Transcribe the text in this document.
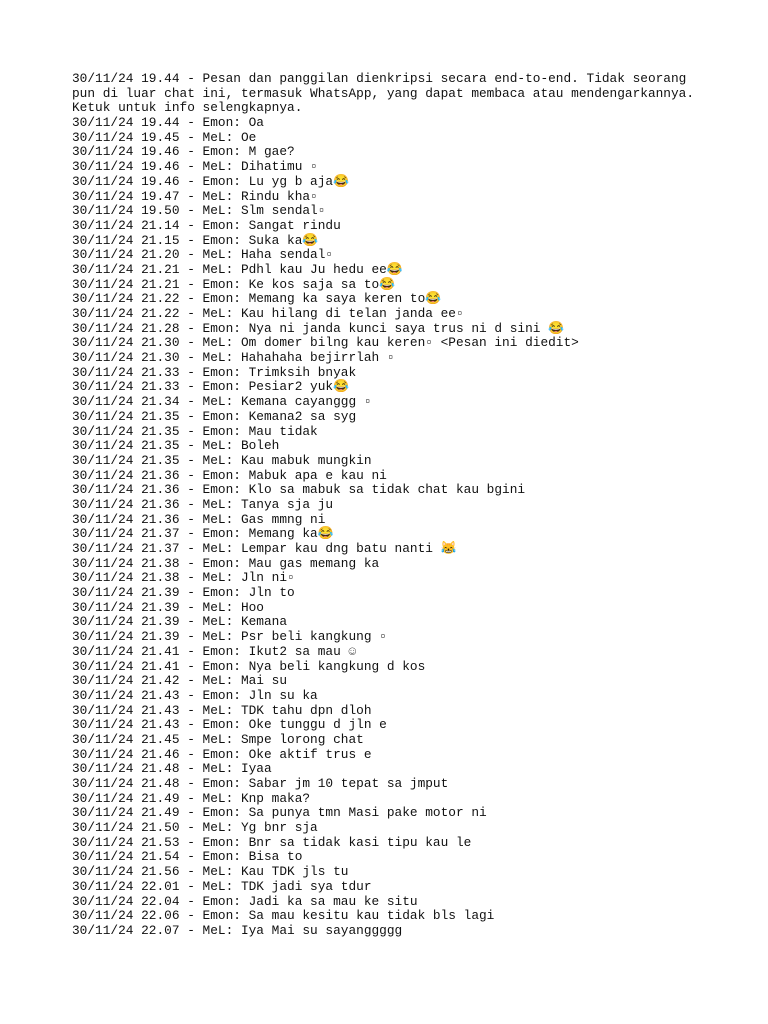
30/11/24 19.44 - Pesan dan panggilan dienkripsi secara end-to-end. Tidak seorang
pun di luar chat ini, termasuk WhatsApp, yang dapat membaca atau mendengarkannya.
Ketuk untuk info selengkapnya.
30/11/24 19.44 - Emon: Oa
30/11/24 19.45 - MeL: Oe
30/11/24 19.46 - Emon: M gae?
30/11/24 19.46 - MeL: Dihatimu ▫
30/11/24 19.46 - Emon: Lu yg b aja😂
30/11/24 19.47 - MeL: Rindu kha▫
30/11/24 19.50 - MeL: Slm sendal▫
30/11/24 21.14 - Emon: Sangat rindu
30/11/24 21.15 - Emon: Suka ka😂
30/11/24 21.20 - MeL: Haha sendal▫
30/11/24 21.21 - MeL: Pdhl kau Ju hedu ee😂
30/11/24 21.21 - Emon: Ke kos saja sa to😂
30/11/24 21.22 - Emon: Memang ka saya keren to😂
30/11/24 21.22 - MeL: Kau hilang di telan janda ee▫
30/11/24 21.28 - Emon: Nya ni janda kunci saya trus ni d sini 😂
30/11/24 21.30 - MeL: Om domer bilng kau keren▫ <Pesan ini diedit>
30/11/24 21.30 - MeL: Hahahaha bejirrlah ▫
30/11/24 21.33 - Emon: Trimksih bnyak
30/11/24 21.33 - Emon: Pesiar2 yuk😂
30/11/24 21.34 - MeL: Kemana cayanggg ▫
30/11/24 21.35 - Emon: Kemana2 sa syg
30/11/24 21.35 - Emon: Mau tidak
30/11/24 21.35 - MeL: Boleh
30/11/24 21.35 - MeL: Kau mabuk mungkin
30/11/24 21.36 - Emon: Mabuk apa e kau ni
30/11/24 21.36 - Emon: Klo sa mabuk sa tidak chat kau bgini
30/11/24 21.36 - MeL: Tanya sja ju
30/11/24 21.36 - MeL: Gas mmng ni
30/11/24 21.37 - Emon: Memang ka😂
30/11/24 21.37 - MeL: Lempar kau dng batu nanti 😹
30/11/24 21.38 - Emon: Mau gas memang ka
30/11/24 21.38 - MeL: Jln ni▫
30/11/24 21.39 - Emon: Jln to
30/11/24 21.39 - MeL: Hoo
30/11/24 21.39 - MeL: Kemana
30/11/24 21.39 - MeL: Psr beli kangkung ▫
30/11/24 21.41 - Emon: Ikut2 sa mau ☺
30/11/24 21.41 - Emon: Nya beli kangkung d kos
30/11/24 21.42 - MeL: Mai su
30/11/24 21.43 - Emon: Jln su ka
30/11/24 21.43 - MeL: TDK tahu dpn dloh
30/11/24 21.43 - Emon: Oke tunggu d jln e
30/11/24 21.45 - MeL: Smpe lorong chat
30/11/24 21.46 - Emon: Oke aktif trus e
30/11/24 21.48 - MeL: Iyaa
30/11/24 21.48 - Emon: Sabar jm 10 tepat sa jmput
30/11/24 21.49 - MeL: Knp maka?
30/11/24 21.49 - Emon: Sa punya tmn Masi pake motor ni
30/11/24 21.50 - MeL: Yg bnr sja
30/11/24 21.53 - Emon: Bnr sa tidak kasi tipu kau le
30/11/24 21.54 - Emon: Bisa to
30/11/24 21.56 - MeL: Kau TDK jls tu
30/11/24 22.01 - MeL: TDK jadi sya tdur
30/11/24 22.04 - Emon: Jadi ka sa mau ke situ
30/11/24 22.06 - Emon: Sa mau kesitu kau tidak bls lagi
30/11/24 22.07 - MeL: Iya Mai su sayanggggg
